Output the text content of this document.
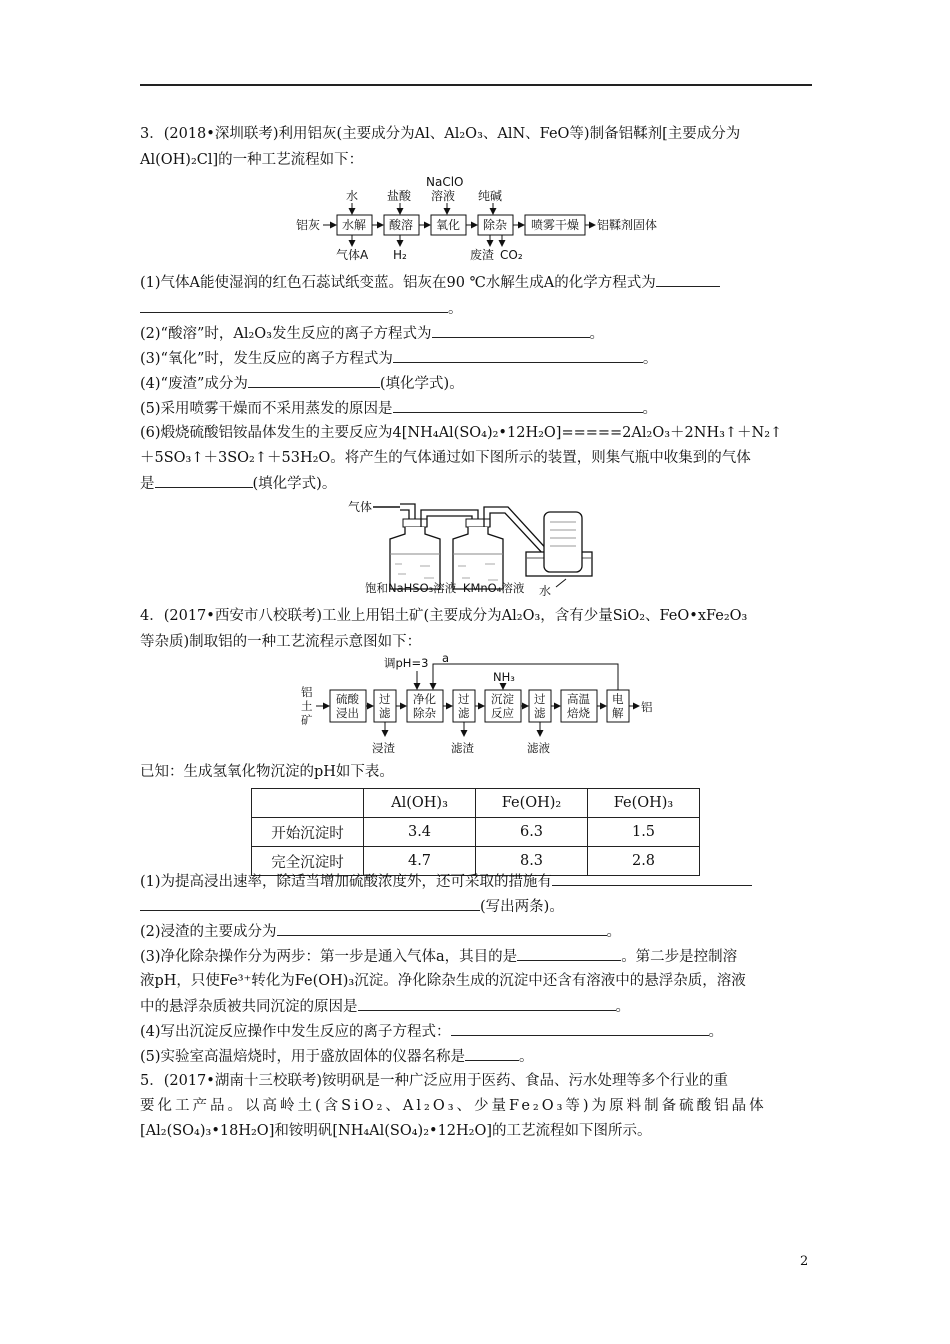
3．(2018•深圳联考)利用铝灰(主要成分为Al、Al₂O₃、AlN、FeO等)制备铝鞣剂[主要成分为
Al(OH)₂Cl]的一种工艺流程如下：
铝灰 水解 酸溶 氧化 除杂 喷雾干燥 铝鞣剂固体
水 盐酸
NaClO
溶液 纯碱
气体A H₂	废渣 CO₂
(1)气体A能使湿润的红色石蕊试纸变蓝。铝灰在90 ℃水解生成A的化学方程式为
。
(2)“酸溶”时，Al₂O₃发生反应的离子方程式为	。
(3)“氧化”时，发生反应的离子方程式为	。
(4)“废渣”成分为	(填化学式)。
(5)采用喷雾干燥而不采用蒸发的原因是	。
(6)煅烧硫酸铝铵晶体发生的主要反应为4[NH₄Al(SO₄)₂•12H₂O]=====2Al₂O₃＋2NH₃↑＋N₂↑
＋5SO₃↑＋3SO₂↑＋53H₂O。将产生的气体通过如下图所示的装置，则集气瓶中收集到的气体
是	(填化学式)。
气体
水
饱和NaHSO₃溶液 KMnO₄溶液
4．(2017•西安市八校联考)工业上用铝土矿(主要成分为Al₂O₃，含有少量SiO₂、FeO•xFe₂O₃
等杂质)制取铝的一种工艺流程示意图如下：
铝
土
矿
硫酸
浸出
过
滤
净化
除杂
过
滤
沉淀
反应
过
滤
高温
焙烧
电
解 铝
调pH=3 a
NH₃
浸渣	滤渣	滤液
已知：生成氢氧化物沉淀的pH如下表。
	Al(OH)₃	Fe(OH)₂	Fe(OH)₃
开始沉淀时	3.4	6.3	1.5
完全沉淀时	4.7	8.3	2.8
(1)为提高浸出速率，除适当增加硫酸浓度外，还可采取的措施有
(写出两条)。
(2)浸渣的主要成分为	。
(3)净化除杂操作分为两步：第一步是通入气体a，其目的是	。第二步是控制溶
液pH，只使Fe³⁺转化为Fe(OH)₃沉淀。净化除杂生成的沉淀中还含有溶液中的悬浮杂质，溶液
中的悬浮杂质被共同沉淀的原因是	。
(4)写出沉淀反应操作中发生反应的离子方程式：	。
(5)实验室高温焙烧时，用于盛放固体的仪器名称是	。
5．(2017•湖南十三校联考)铵明矾是一种广泛应用于医药、食品、污水处理等多个行业的重
要化工产品。以高岭土(含SiO₂、Al₂O₃、少量Fe₂O₃等)为原料制备硫酸铝晶体
[Al₂(SO₄)₃•18H₂O]和铵明矾[NH₄Al(SO₄)₂•12H₂O]的工艺流程如下图所示。
2
